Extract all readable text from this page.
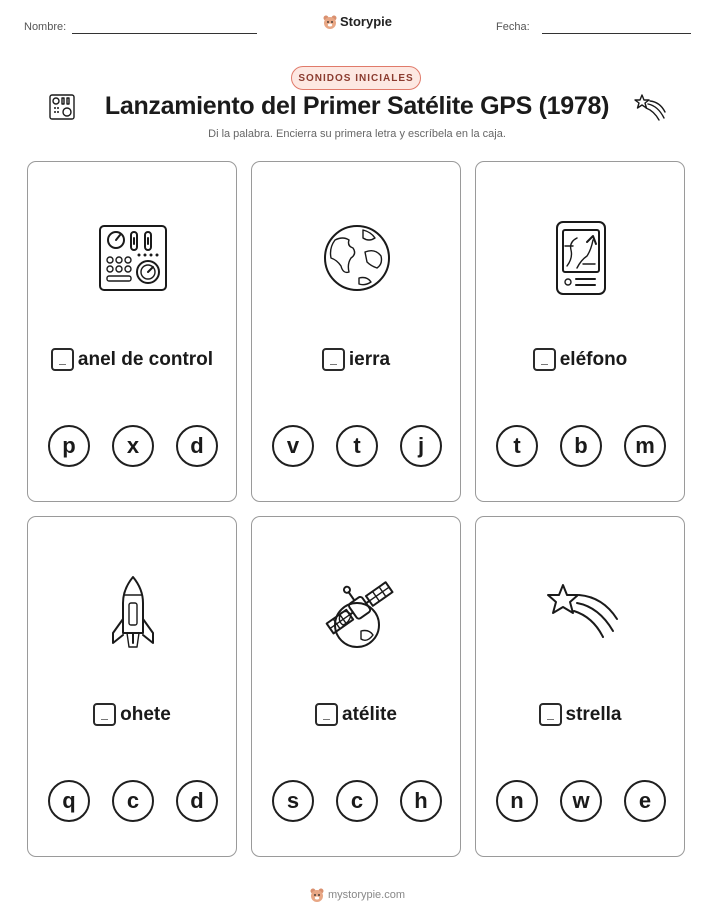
Nombre:	Storypie	Fecha:
SONIDOS INICIALES
Lanzamiento del Primer Satélite GPS (1978)
Di la palabra. Encierra su primera letra y escríbela en la caja.
anel de control
p	x	d
ierra
v	t	j
eléfono
t	b	m
ohete
q	c	d
atélite
s	c	h
strella
n	w	e
mystorypie.com
